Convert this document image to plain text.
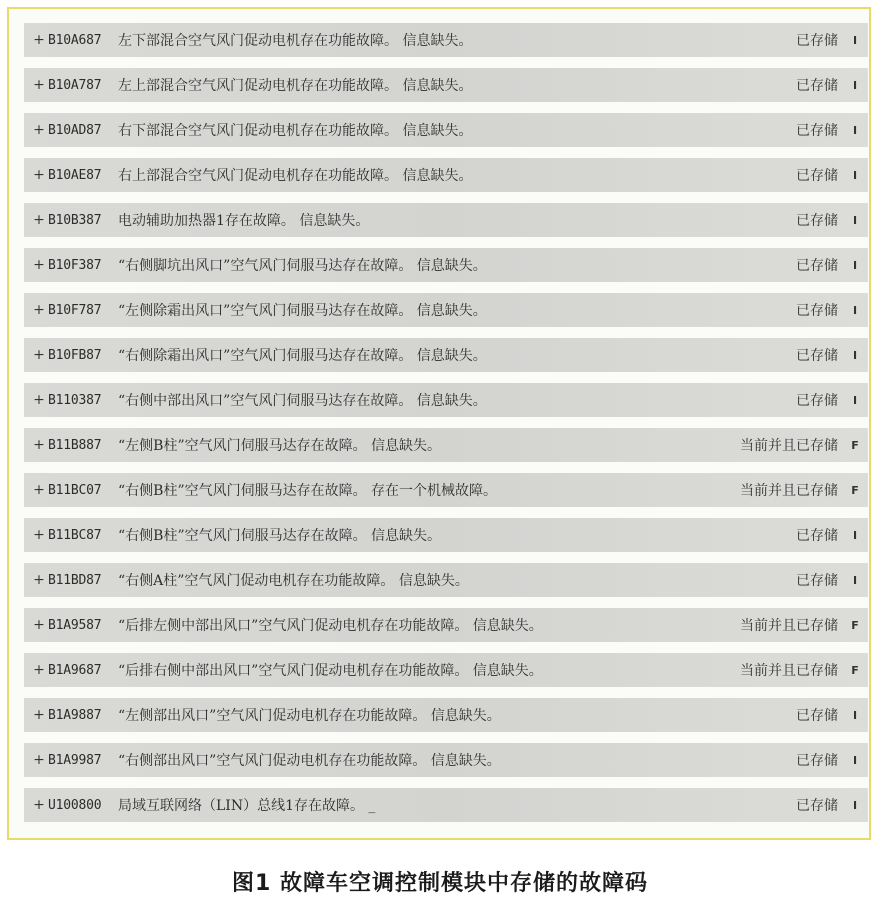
+ B10A687	左下部混合空气风门促动电机存在功能故障。 信息缺失。	已存储	I
+ B10A787	左上部混合空气风门促动电机存在功能故障。 信息缺失。	已存储	I
+ B10AD87	右下部混合空气风门促动电机存在功能故障。 信息缺失。	已存储	I
+ B10AE87	右上部混合空气风门促动电机存在功能故障。 信息缺失。	已存储	I
+ B10B387	电动辅助加热器1存在故障。 信息缺失。	已存储	I
+ B10F387	“右侧脚坑出风口”空气风门伺服马达存在故障。 信息缺失。	已存储	I
+ B10F787	“左侧除霜出风口”空气风门伺服马达存在故障。 信息缺失。	已存储	I
+ B10FB87	“右侧除霜出风口”空气风门伺服马达存在故障。 信息缺失。	已存储	I
+ B110387	“右侧中部出风口”空气风门伺服马达存在故障。 信息缺失。	已存储	I
+ B11B887	“左侧B柱”空气风门伺服马达存在故障。 信息缺失。	当前并且已存储 F
+ B11BC07	“右侧B柱”空气风门伺服马达存在故障。 存在一个机械故障。	当前并且已存储 F
+ B11BC87	“右侧B柱”空气风门伺服马达存在故障。 信息缺失。	已存储	I
+ B11BD87	“右侧A柱”空气风门促动电机存在功能故障。 信息缺失。	已存储	I
+ B1A9587	“后排左侧中部出风口”空气风门促动电机存在功能故障。 信息缺失。	当前并且已存储 F
+ B1A9687	“后排右侧中部出风口”空气风门促动电机存在功能故障。 信息缺失。	当前并且已存储 F
+ B1A9887	“左侧部出风口”空气风门促动电机存在功能故障。 信息缺失。	已存储	I
+ B1A9987	“右侧部出风口”空气风门促动电机存在功能故障。 信息缺失。	已存储	I
+ U100800	局域互联网络（LIN）总线1存在故障。 _	已存储	I
图1 故障车空调控制模块中存储的故障码
